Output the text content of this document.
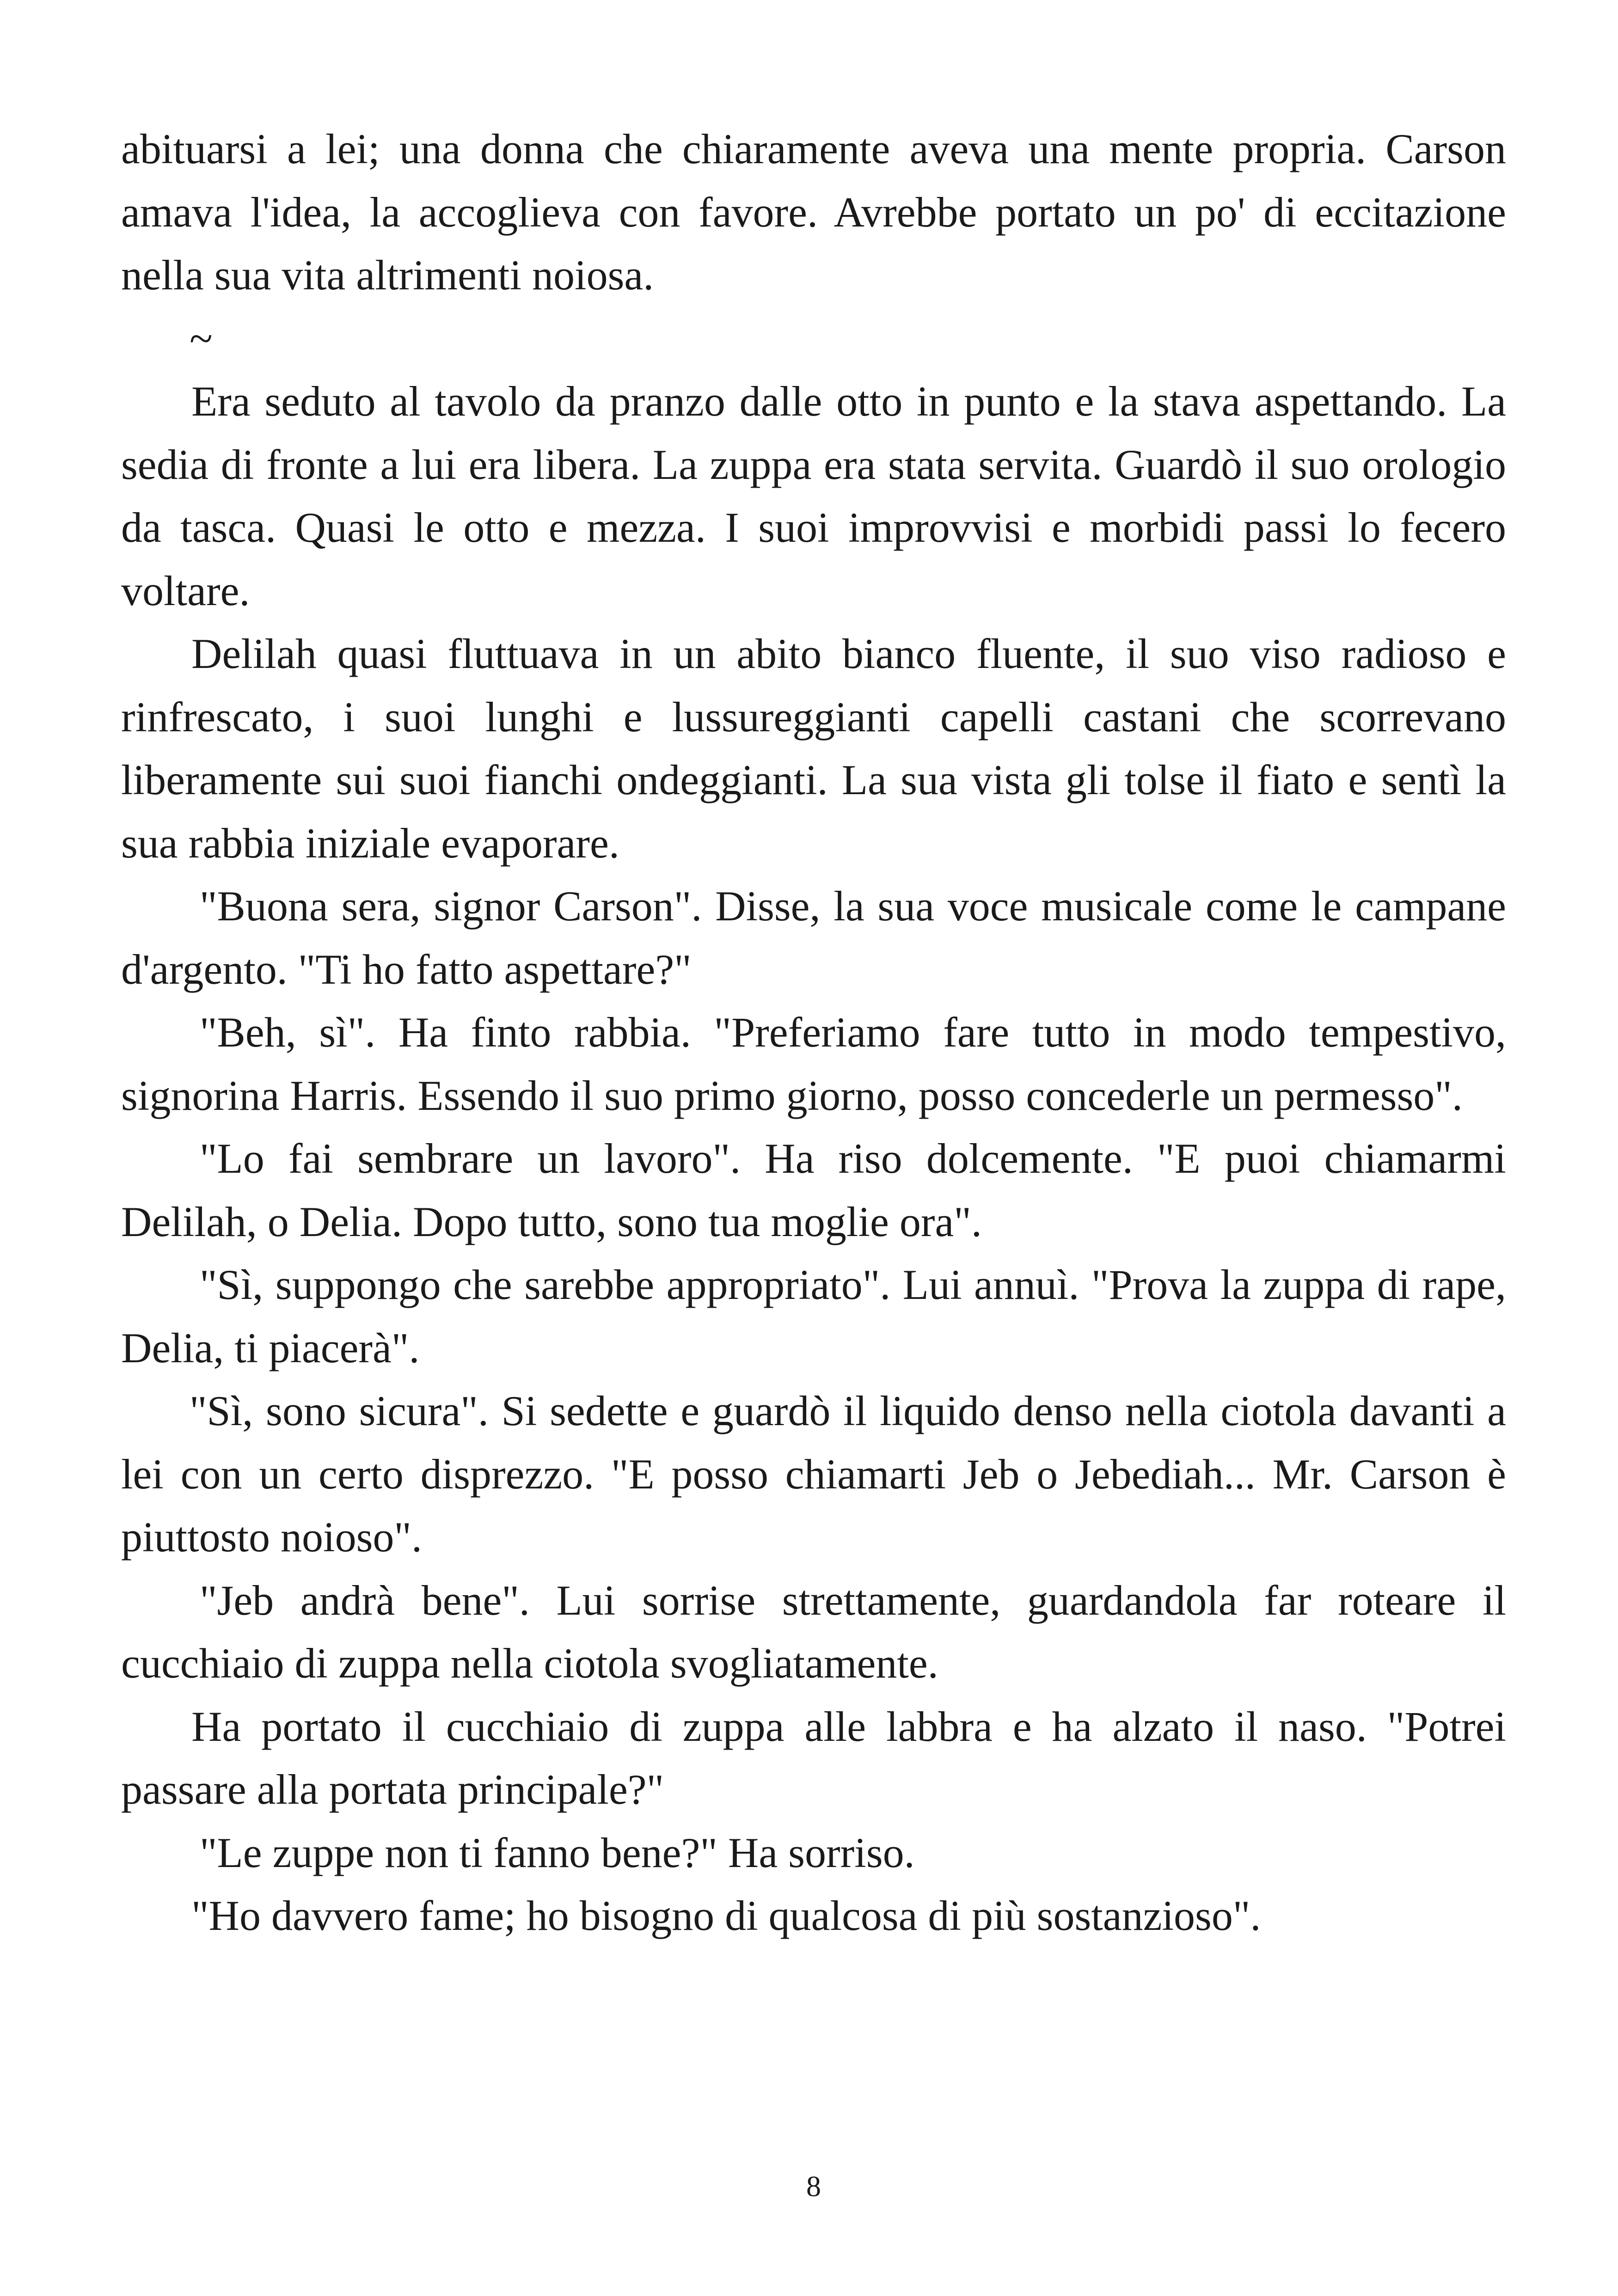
abituarsi a lei; una donna che chiaramente aveva una mente propria. Carson amava l'idea, la accoglieva con favore. Avrebbe portato un po' di eccitazione nella sua vita altrimenti noiosa.

~

Era seduto al tavolo da pranzo dalle otto in punto e la stava aspettando. La sedia di fronte a lui era libera. La zuppa era stata servita. Guardò il suo orologio da tasca. Quasi le otto e mezza. I suoi improvvisi e morbidi passi lo fecero voltare.

Delilah quasi fluttuava in un abito bianco fluente, il suo viso radioso e rinfrescato, i suoi lunghi e lussureggianti capelli castani che scorrevano liberamente sui suoi fianchi ondeggianti. La sua vista gli tolse il fiato e sentì la sua rabbia iniziale evaporare.

"Buona sera, signor Carson". Disse, la sua voce musicale come le campane d'argento. "Ti ho fatto aspettare?"

"Beh, sì". Ha finto rabbia. "Preferiamo fare tutto in modo tempestivo, signorina Harris. Essendo il suo primo giorno, posso concederle un permesso".

"Lo fai sembrare un lavoro". Ha riso dolcemente. "E puoi chiamarmi Delilah, o Delia. Dopo tutto, sono tua moglie ora".

"Sì, suppongo che sarebbe appropriato". Lui annuì. "Prova la zuppa di rape, Delia, ti piacerà".

"Sì, sono sicura". Si sedette e guardò il liquido denso nella ciotola davanti a lei con un certo disprezzo. "E posso chiamarti Jeb o Jebediah... Mr. Carson è piuttosto noioso".

"Jeb andrà bene". Lui sorrise strettamente, guardandola far roteare il cucchiaio di zuppa nella ciotola svogliatamente.

Ha portato il cucchiaio di zuppa alle labbra e ha alzato il naso. "Potrei passare alla portata principale?"

"Le zuppe non ti fanno bene?" Ha sorriso.

"Ho davvero fame; ho bisogno di qualcosa di più sostanzioso".

8
